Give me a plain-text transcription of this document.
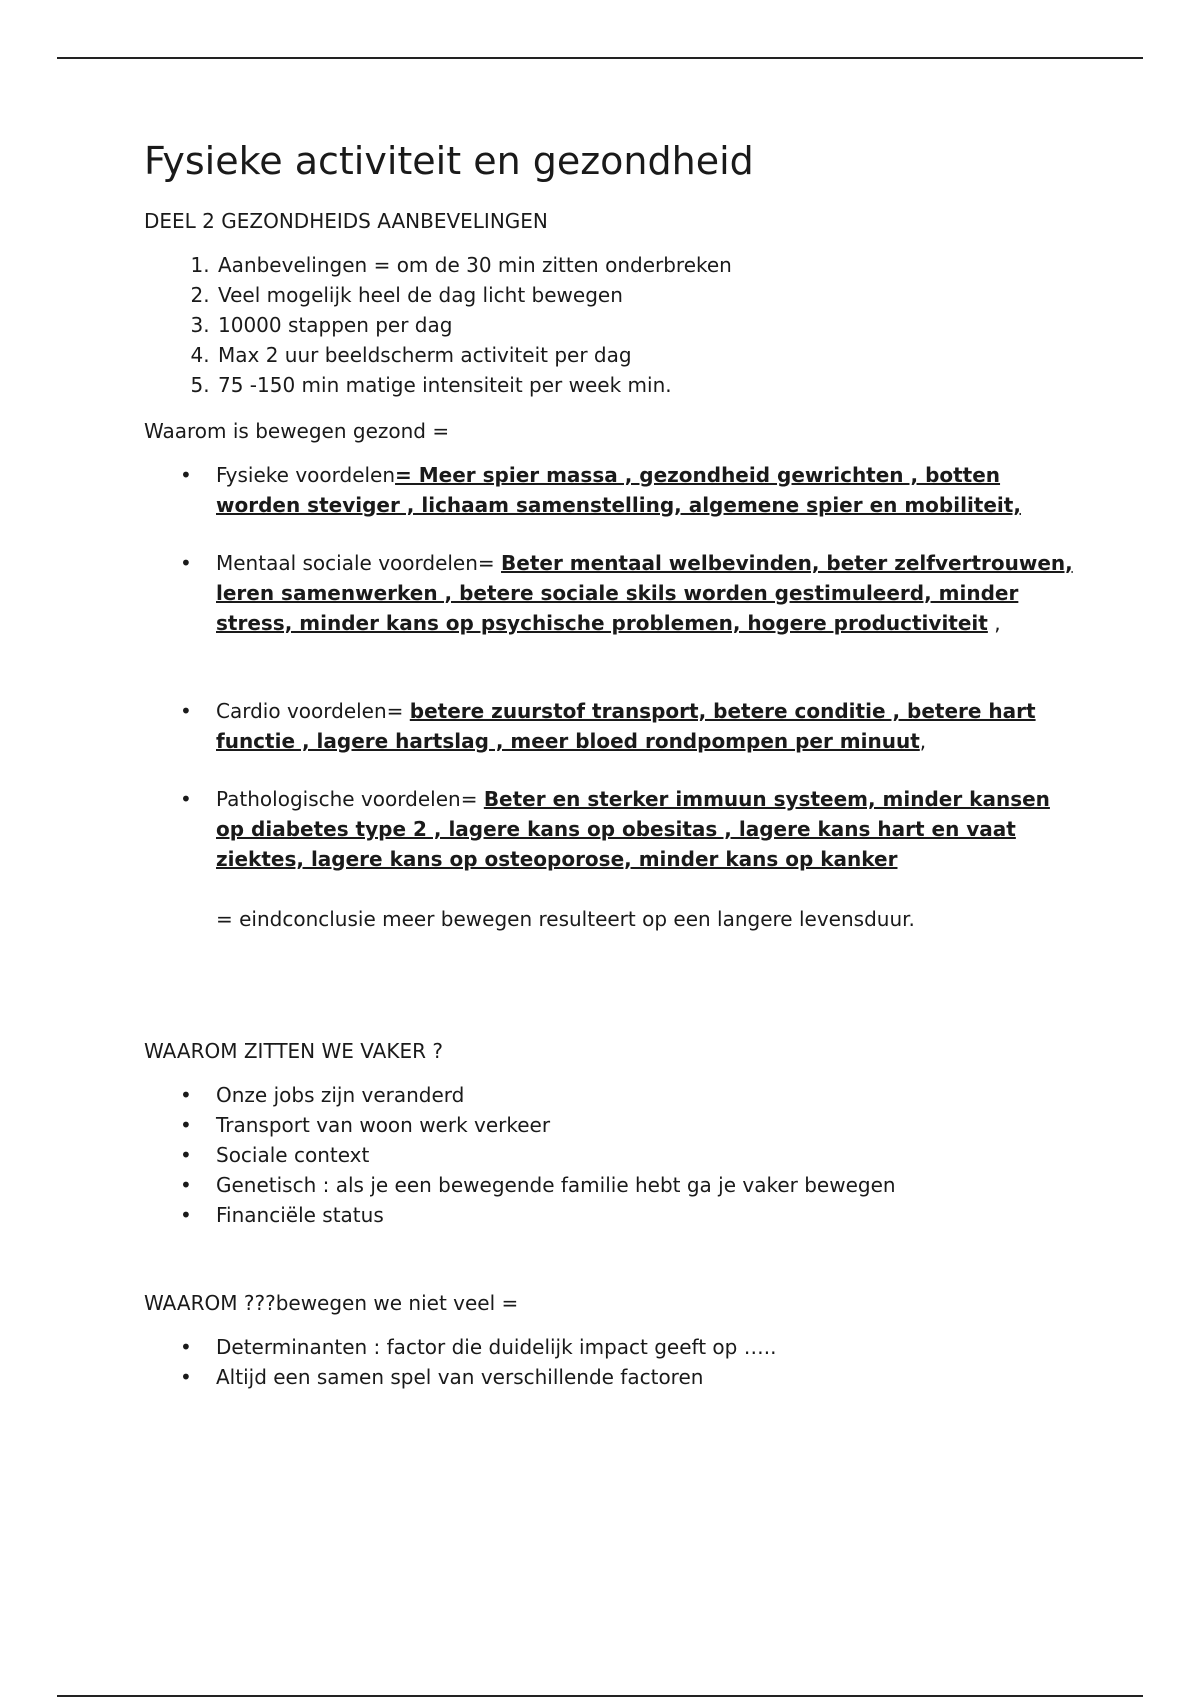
Fysieke activiteit en gezondheid
DEEL 2 GEZONDHEIDS AANBEVELINGEN
1. Aanbevelingen = om de 30 min zitten onderbreken
2. Veel mogelijk heel de dag licht bewegen
3. 10000 stappen per dag
4. Max 2 uur beeldscherm activiteit per dag
5. 75 -150 min matige intensiteit per week min.
Waarom is bewegen gezond =
• Fysieke voordelen= Meer spier massa , gezondheid gewrichten , botten worden steviger , lichaam samenstelling, algemene spier en mobiliteit,
• Mentaal sociale voordelen= Beter mentaal welbevinden, beter zelfvertrouwen, leren samenwerken , betere sociale skils worden gestimuleerd, minder stress, minder kans op psychische problemen, hogere productiviteit ,
• Cardio voordelen= betere zuurstof transport, betere conditie , betere hart functie , lagere hartslag , meer bloed rondpompen per minuut,
• Pathologische voordelen= Beter en sterker immuun systeem, minder kansen op diabetes type 2 , lagere kans op obesitas , lagere kans hart en vaat ziektes, lagere kans op osteoporose, minder kans op kanker
= eindconclusie meer bewegen resulteert op een langere levensduur.
WAAROM ZITTEN WE VAKER ?
• Onze jobs zijn veranderd
• Transport van woon werk verkeer
• Sociale context
• Genetisch : als je een bewegende familie hebt ga je vaker bewegen
• Financiële status
WAAROM ???bewegen we niet veel =
• Determinanten : factor die duidelijk impact geeft op …..
• Altijd een samen spel van verschillende factoren
